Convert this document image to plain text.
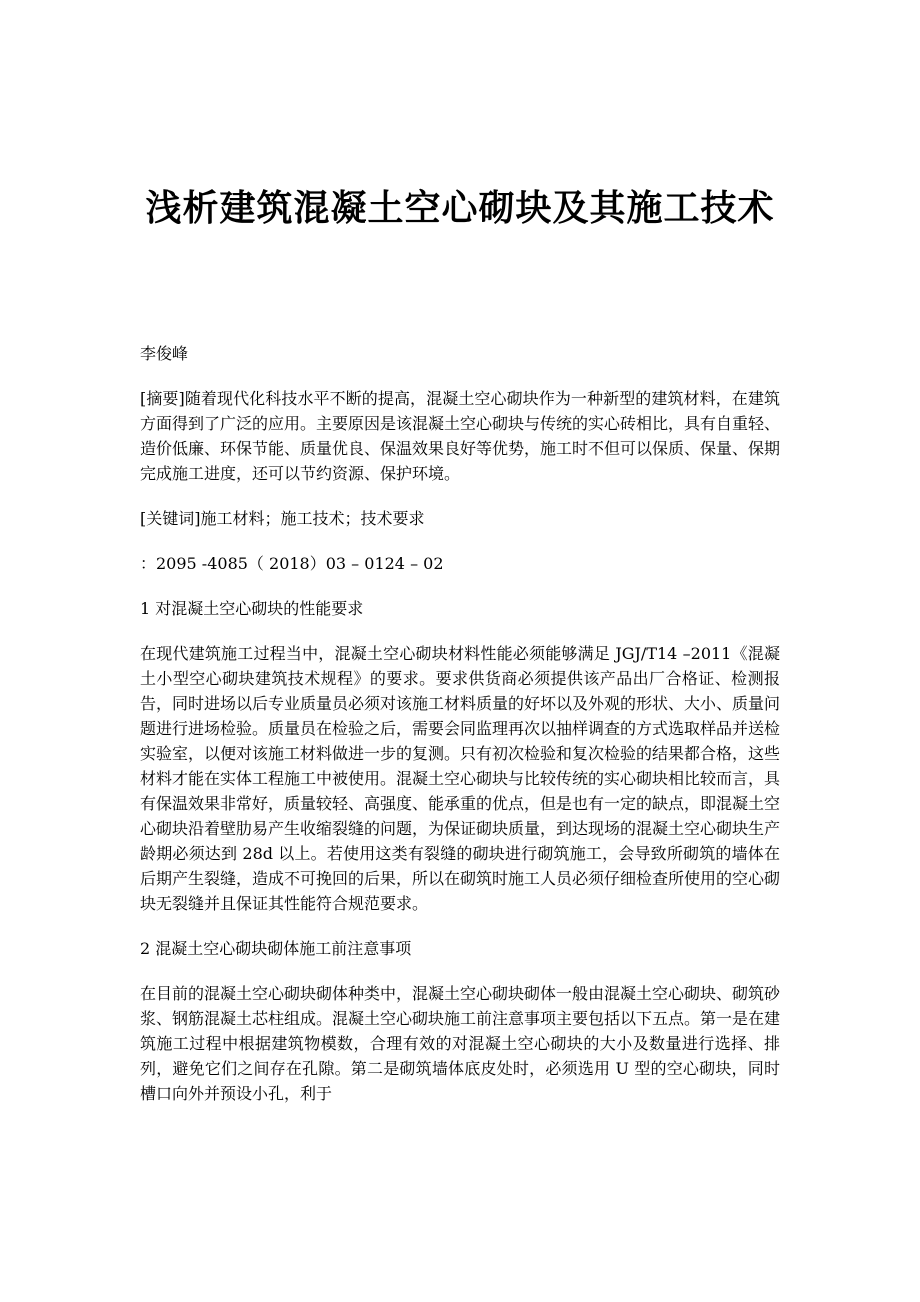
浅析建筑混凝土空心砌块及其施工技术

李俊峰

[摘要]随着现代化科技水平不断的提高，混凝土空心砌块作为一种新型的建筑材料，在建筑方面得到了广泛的应用。主要原因是该混凝土空心砌块与传统的实心砖相比，具有自重轻、造价低廉、环保节能、质量优良、保温效果良好等优势，施工时不但可以保质、保量、保期完成施工进度，还可以节约资源、保护环境。

[关键词]施工材料；施工技术；技术要求

：2095 -4085（ 2018）03 – 0124 – 02

1 对混凝土空心砌块的性能要求

在现代建筑施工过程当中，混凝土空心砌块材料性能必须能够满足 JGJ/T14 –2011《混凝土小型空心砌块建筑技术规程》的要求。要求供货商必须提供该产品出厂合格证、检测报告，同时进场以后专业质量员必须对该施工材料质量的好坏以及外观的形状、大小、质量问题进行进场检验。质量员在检验之后，需要会同监理再次以抽样调查的方式选取样品并送检实验室，以便对该施工材料做进一步的复测。只有初次检验和复次检验的结果都合格，这些材料才能在实体工程施工中被使用。混凝土空心砌块与比较传统的实心砌块相比较而言，具有保温效果非常好，质量较轻、高强度、能承重的优点，但是也有一定的缺点，即混凝土空心砌块沿着壁肋易产生收缩裂缝的问题，为保证砌块质量，到达现场的混凝土空心砌块生产龄期必须达到 28d 以上。若使用这类有裂缝的砌块进行砌筑施工，会导致所砌筑的墙体在后期产生裂缝，造成不可挽回的后果，所以在砌筑时施工人员必须仔细检查所使用的空心砌块无裂缝并且保证其性能符合规范要求。

2 混凝土空心砌块砌体施工前注意事项

在目前的混凝土空心砌块砌体种类中，混凝土空心砌块砌体一般由混凝土空心砌块、砌筑砂浆、钢筋混凝土芯柱组成。混凝土空心砌块施工前注意事项主要包括以下五点。第一是在建筑施工过程中根据建筑物模数，合理有效的对混凝土空心砌块的大小及数量进行选择、排列，避免它们之间存在孔隙。第二是砌筑墙体底皮处时，必须选用 U 型的空心砌块，同时槽口向外并预设小孔，利于
